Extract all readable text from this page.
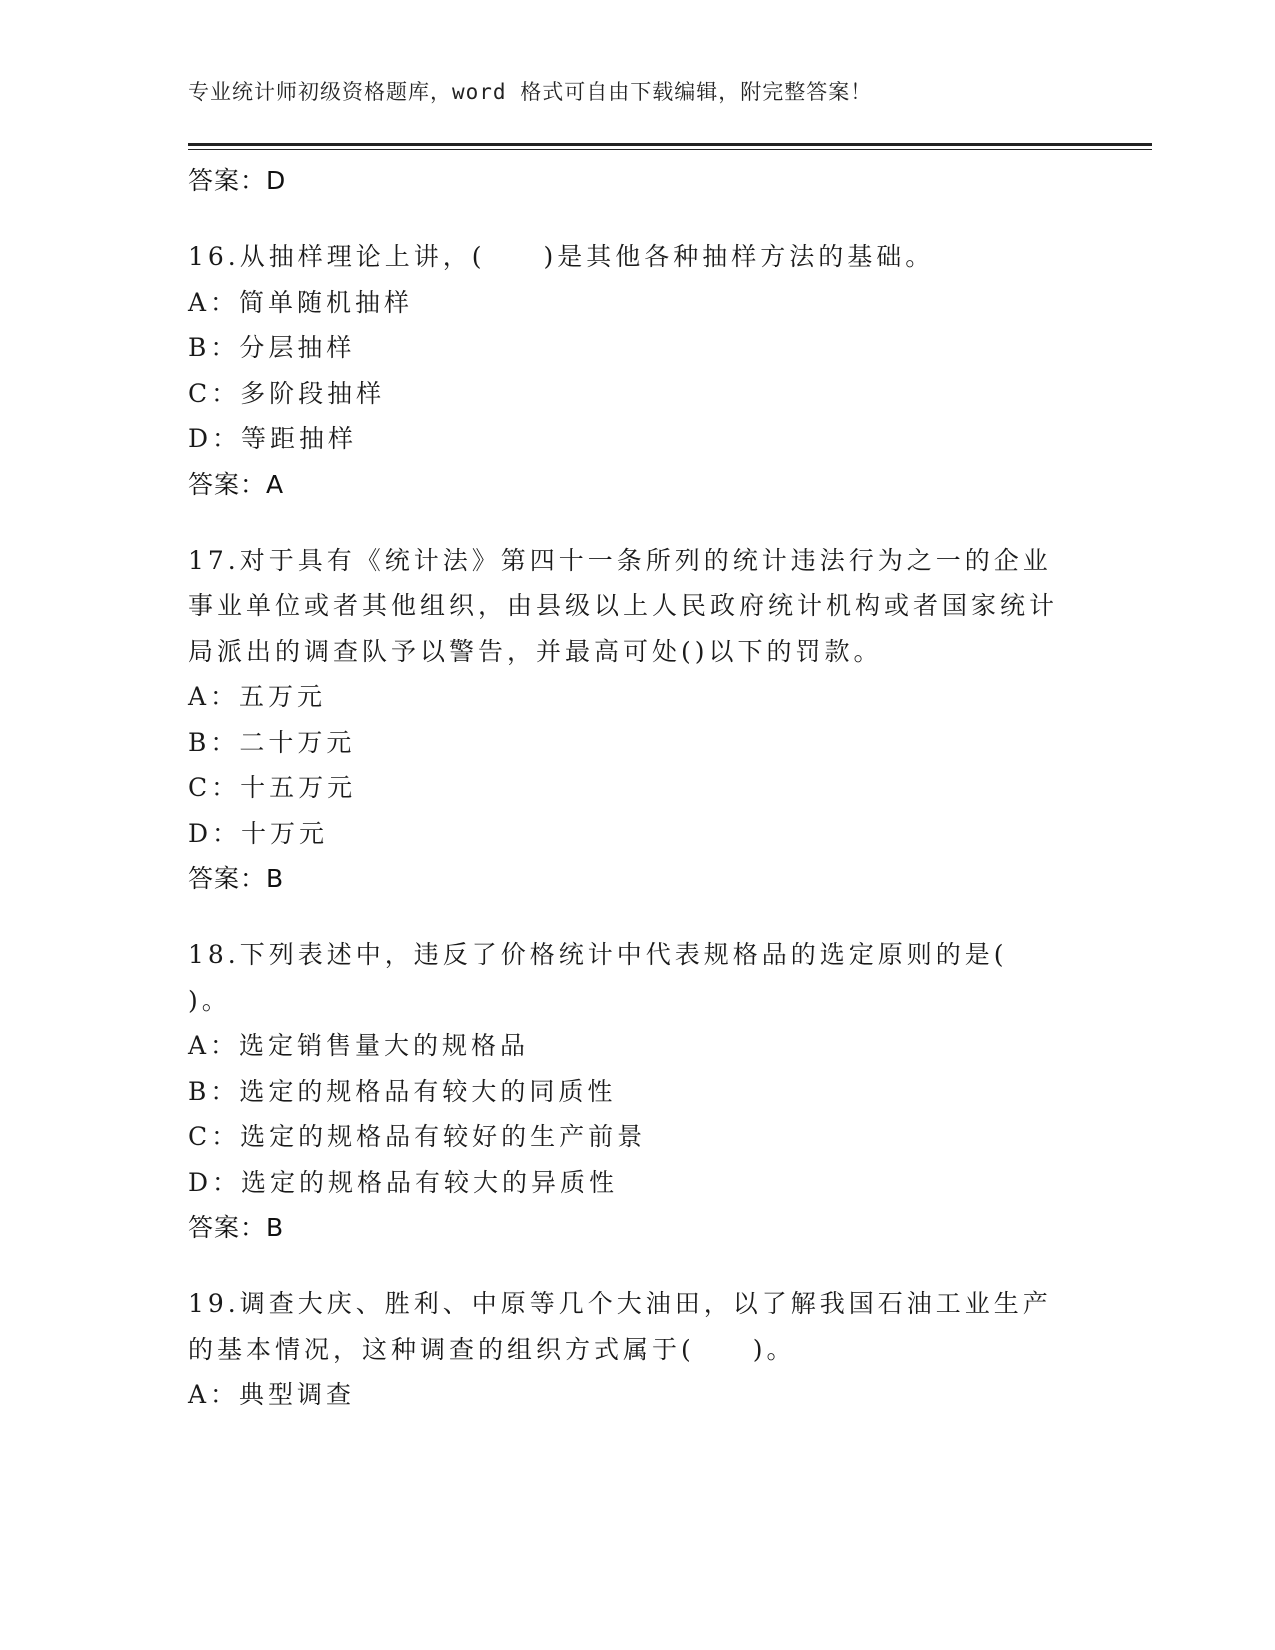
专业统计师初级资格题库，word 格式可自由下载编辑，附完整答案！
答案：D
16.从抽样理论上讲，(　　)是其他各种抽样方法的基础。
A：简单随机抽样
B：分层抽样
C：多阶段抽样
D：等距抽样
答案：A
17.对于具有《统计法》第四十一条所列的统计违法行为之一的企业事业单位或者其他组织，由县级以上人民政府统计机构或者国家统计局派出的调查队予以警告，并最高可处()以下的罚款。
A：五万元
B：二十万元
C：十五万元
D：十万元
答案：B
18.下列表述中，违反了价格统计中代表规格品的选定原则的是(　　)。
A：选定销售量大的规格品
B：选定的规格品有较大的同质性
C：选定的规格品有较好的生产前景
D：选定的规格品有较大的异质性
答案：B
19.调查大庆、胜利、中原等几个大油田，以了解我国石油工业生产的基本情况，这种调查的组织方式属于(　　)。
A：典型调查
